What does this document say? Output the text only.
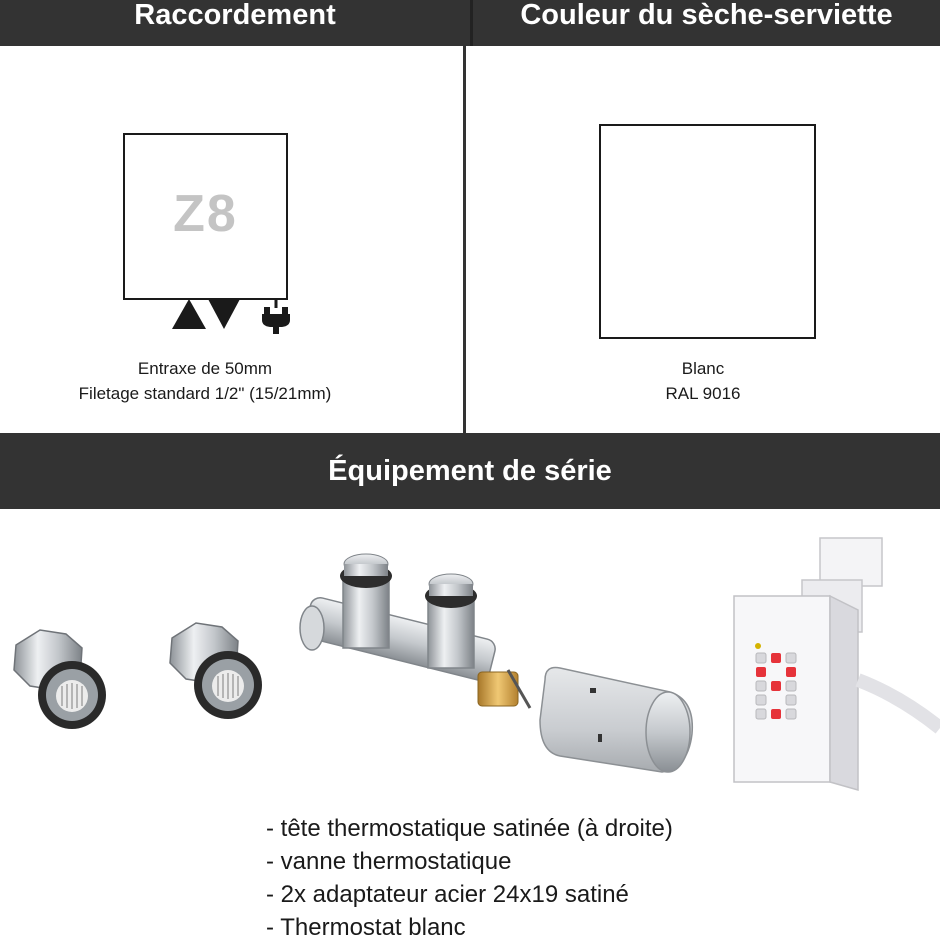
Raccordement	Couleur du sèche-serviette
Z8
Entraxe de 50mm
Filetage standard 1/2" (15/21mm)
Blanc
RAL 9016
Équipement de série
- tête thermostatique satinée (à droite)
- vanne thermostatique
- 2x adaptateur acier 24x19 satiné
- Thermostat blanc
